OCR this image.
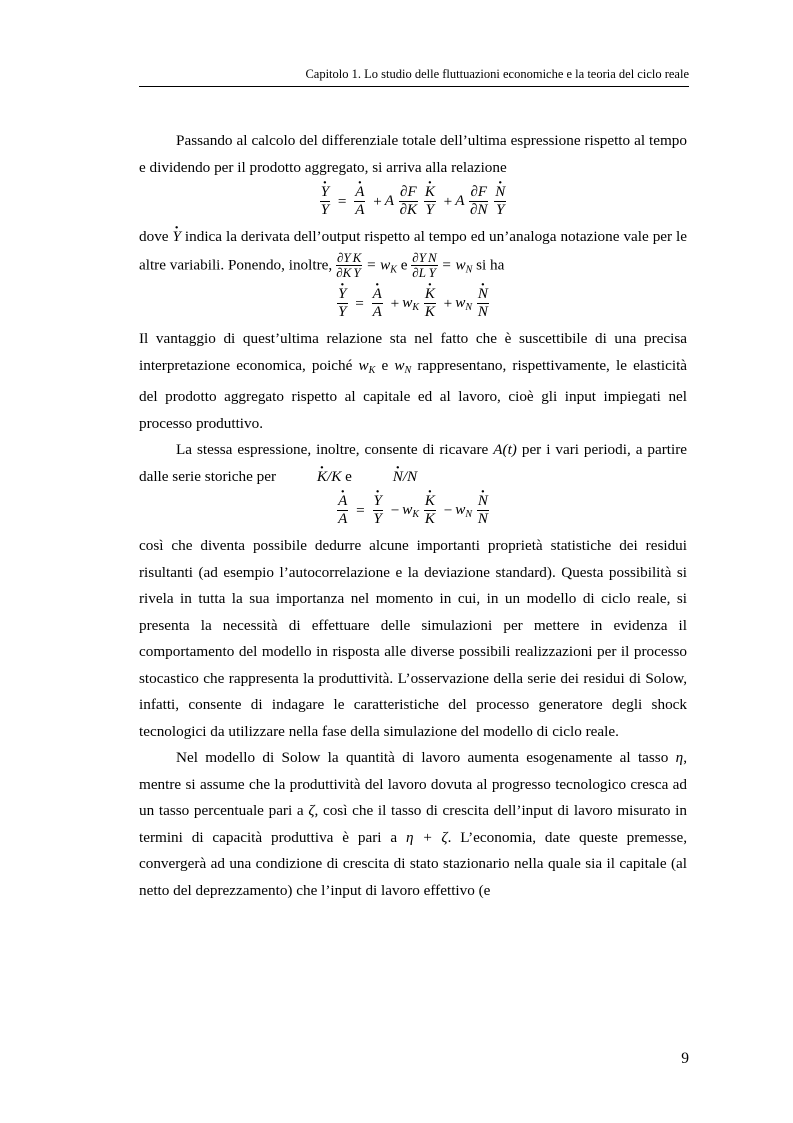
Capitolo 1. Lo studio delle fluttuazioni economiche e la teoria del ciclo reale

Passando al calcolo del differenziale totale dell’ultima espressione rispetto al tempo e dividendo per il prodotto aggregato, si arriva alla relazione

· $\frac{Y}{Y}$ =
· $\frac{A}{A} + A \frac{\partial F}{\partial K}$

· $\frac{K}{Y} + A \frac{\partial F}{\partial N}$

· $\frac{N}{Y}$

dove · Y indica la derivata dell’output rispetto al tempo ed un’analoga notazione vale per le altre variabili. Ponendo, inoltre, $\frac{\partial Y}{\partial K} \frac{K}{Y} = w_K$ e $\frac{\partial Y}{\partial L} \frac{N}{Y} = w_N$ si ha

· $\frac{Y}{Y}$ =
· $\frac{A}{A} + w_K$
· $\frac{K}{K} + w_N$
· $\frac{N}{N}$

Il vantaggio di quest’ultima relazione sta nel fatto che è suscettibile di una precisa interpretazione economica, poiché $w_K$ e $w_N$ rappresentano, rispettivamente, le elasticità del prodotto aggregato rispetto al capitale ed al lavoro, cioè gli input impiegati nel processo produttivo.

La stessa espressione, inoltre, consente di ricavare A(t) per i vari periodi, a partire dalle serie storiche per ·	K/K e ·	N/N

· $\frac{A}{A}$ =
· $\frac{Y}{Y} - w_K$
· $\frac{K}{K} - w_N$
· $\frac{N}{N}$

così che diventa possibile dedurre alcune importanti proprietà statistiche dei residui risultanti (ad esempio l’autocorrelazione e la deviazione standard). Questa possibilità si rivela in tutta la sua importanza nel momento in cui, in un modello di ciclo reale, si presenta la necessità di effettuare delle simulazioni per mettere in evidenza il comportamento del modello in risposta alle diverse possibili realizzazioni per il processo stocastico che rappresenta la produttività. L’osservazione della serie dei residui di Solow, infatti, consente di indagare le caratteristiche del processo generatore degli shock tecnologici da utilizzare nella fase della simulazione del modello di ciclo reale.

Nel modello di Solow la quantità di lavoro aumenta esogenamente al tasso η, mentre si assume che la produttività del lavoro dovuta al progresso tecnologico cresca ad un tasso percentuale pari a ζ, così che il tasso di crescita dell’input di lavoro misurato in termini di capacità produttiva è pari a η + ζ. L’economia, date queste premesse, convergerà ad una condizione di crescita di stato stazionario nella quale sia il capitale (al netto del deprezzamento) che l’input di lavoro effettivo (e

9
